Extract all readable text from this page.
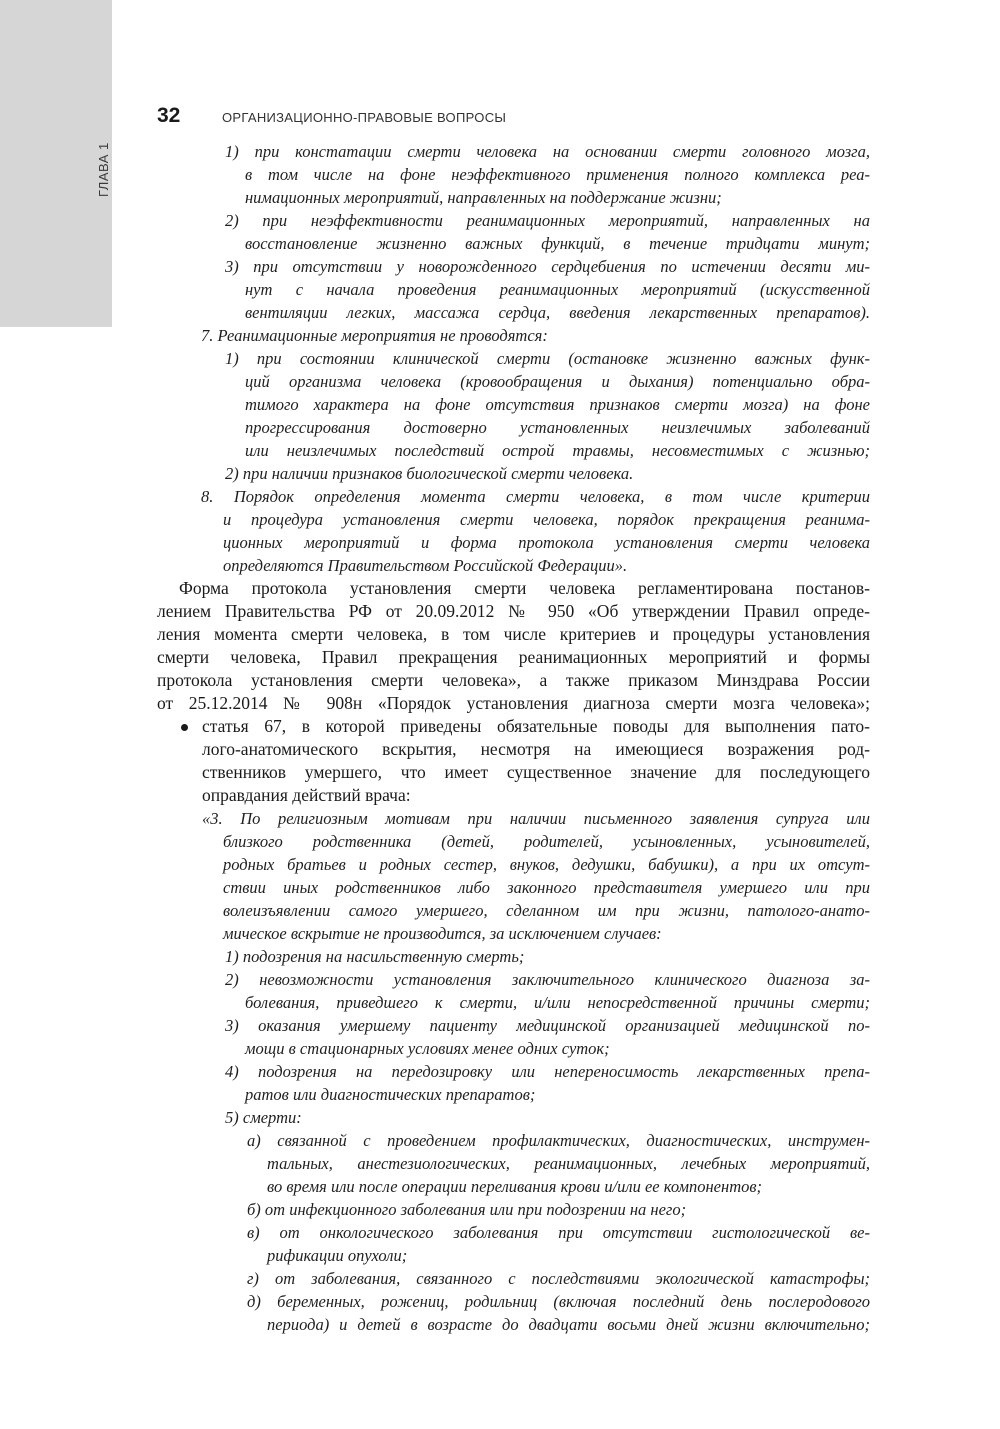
ГЛАВА 1
32	ОРГАНИЗАЦИОННО-ПРАВОВЫЕ ВОПРОСЫ
1) при констатации смерти человека на основании смерти головного мозга,
в том числе на фоне неэффективного применения полного комплекса реа-
нимационных мероприятий, направленных на поддержание жизни;
2) при неэффективности реанимационных мероприятий, направленных на
восстановление жизненно важных функций, в течение тридцати минут;
3) при отсутствии у новорожденного сердцебиения по истечении десяти ми-
нут с начала проведения реанимационных мероприятий (искусственной
вентиляции легких, массажа сердца, введения лекарственных препаратов).
7. Реанимационные мероприятия не проводятся:
1) при состоянии клинической смерти (остановке жизненно важных функ-
ций организма человека (кровообращения и дыхания) потенциально обра-
тимого характера на фоне отсутствия признаков смерти мозга) на фоне
прогрессирования достоверно установленных неизлечимых заболеваний
или неизлечимых последствий острой травмы, несовместимых с жизнью;
2) при наличии признаков биологической смерти человека.
8. Порядок определения момента смерти человека, в том числе критерии
и процедура установления смерти человека, порядок прекращения реанима-
ционных мероприятий и форма протокола установления смерти человека
определяются Правительством Российской Федерации».
Форма протокола установления смерти человека регламентирована постанов-
лением Правительства РФ от 20.09.2012 № 950 «Об утверждении Правил опреде-
ления момента смерти человека, в том числе критериев и процедуры установления
смерти человека, Правил прекращения реанимационных мероприятий и формы
протокола установления смерти человека», а также приказом Минздрава России
от 25.12.2014 № 908н «Порядок установления диагноза смерти мозга человека»;
статья 67, в которой приведены обязательные поводы для выполнения пато-
лого-анатомического вскрытия, несмотря на имеющиеся возражения род-
ственников умершего, что имеет существенное значение для последующего
оправдания действий врача:
«3. По религиозным мотивам при наличии письменного заявления супруга или
близкого родственника (детей, родителей, усыновленных, усыновителей,
родных братьев и родных сестер, внуков, дедушки, бабушки), а при их отсут-
ствии иных родственников либо законного представителя умершего или при
волеизъявлении самого умершего, сделанном им при жизни, патолого-анато-
мическое вскрытие не производится, за исключением случаев:
1) подозрения на насильственную смерть;
2) невозможности установления заключительного клинического диагноза за-
болевания, приведшего к смерти, и/или непосредственной причины смерти;
3) оказания умершему пациенту медицинской организацией медицинской по-
мощи в стационарных условиях менее одних суток;
4) подозрения на передозировку или непереносимость лекарственных препа-
ратов или диагностических препаратов;
5) смерти:
а) связанной с проведением профилактических, диагностических, инструмен-
тальных, анестезиологических, реанимационных, лечебных мероприятий,
во время или после операции переливания крови и/или ее компонентов;
б) от инфекционного заболевания или при подозрении на него;
в) от онкологического заболевания при отсутствии гистологической ве-
рификации опухоли;
г) от заболевания, связанного с последствиями экологической катастрофы;
д) беременных, рожениц, родильниц (включая последний день послеродового
периода) и детей в возрасте до двадцати восьми дней жизни включительно;
